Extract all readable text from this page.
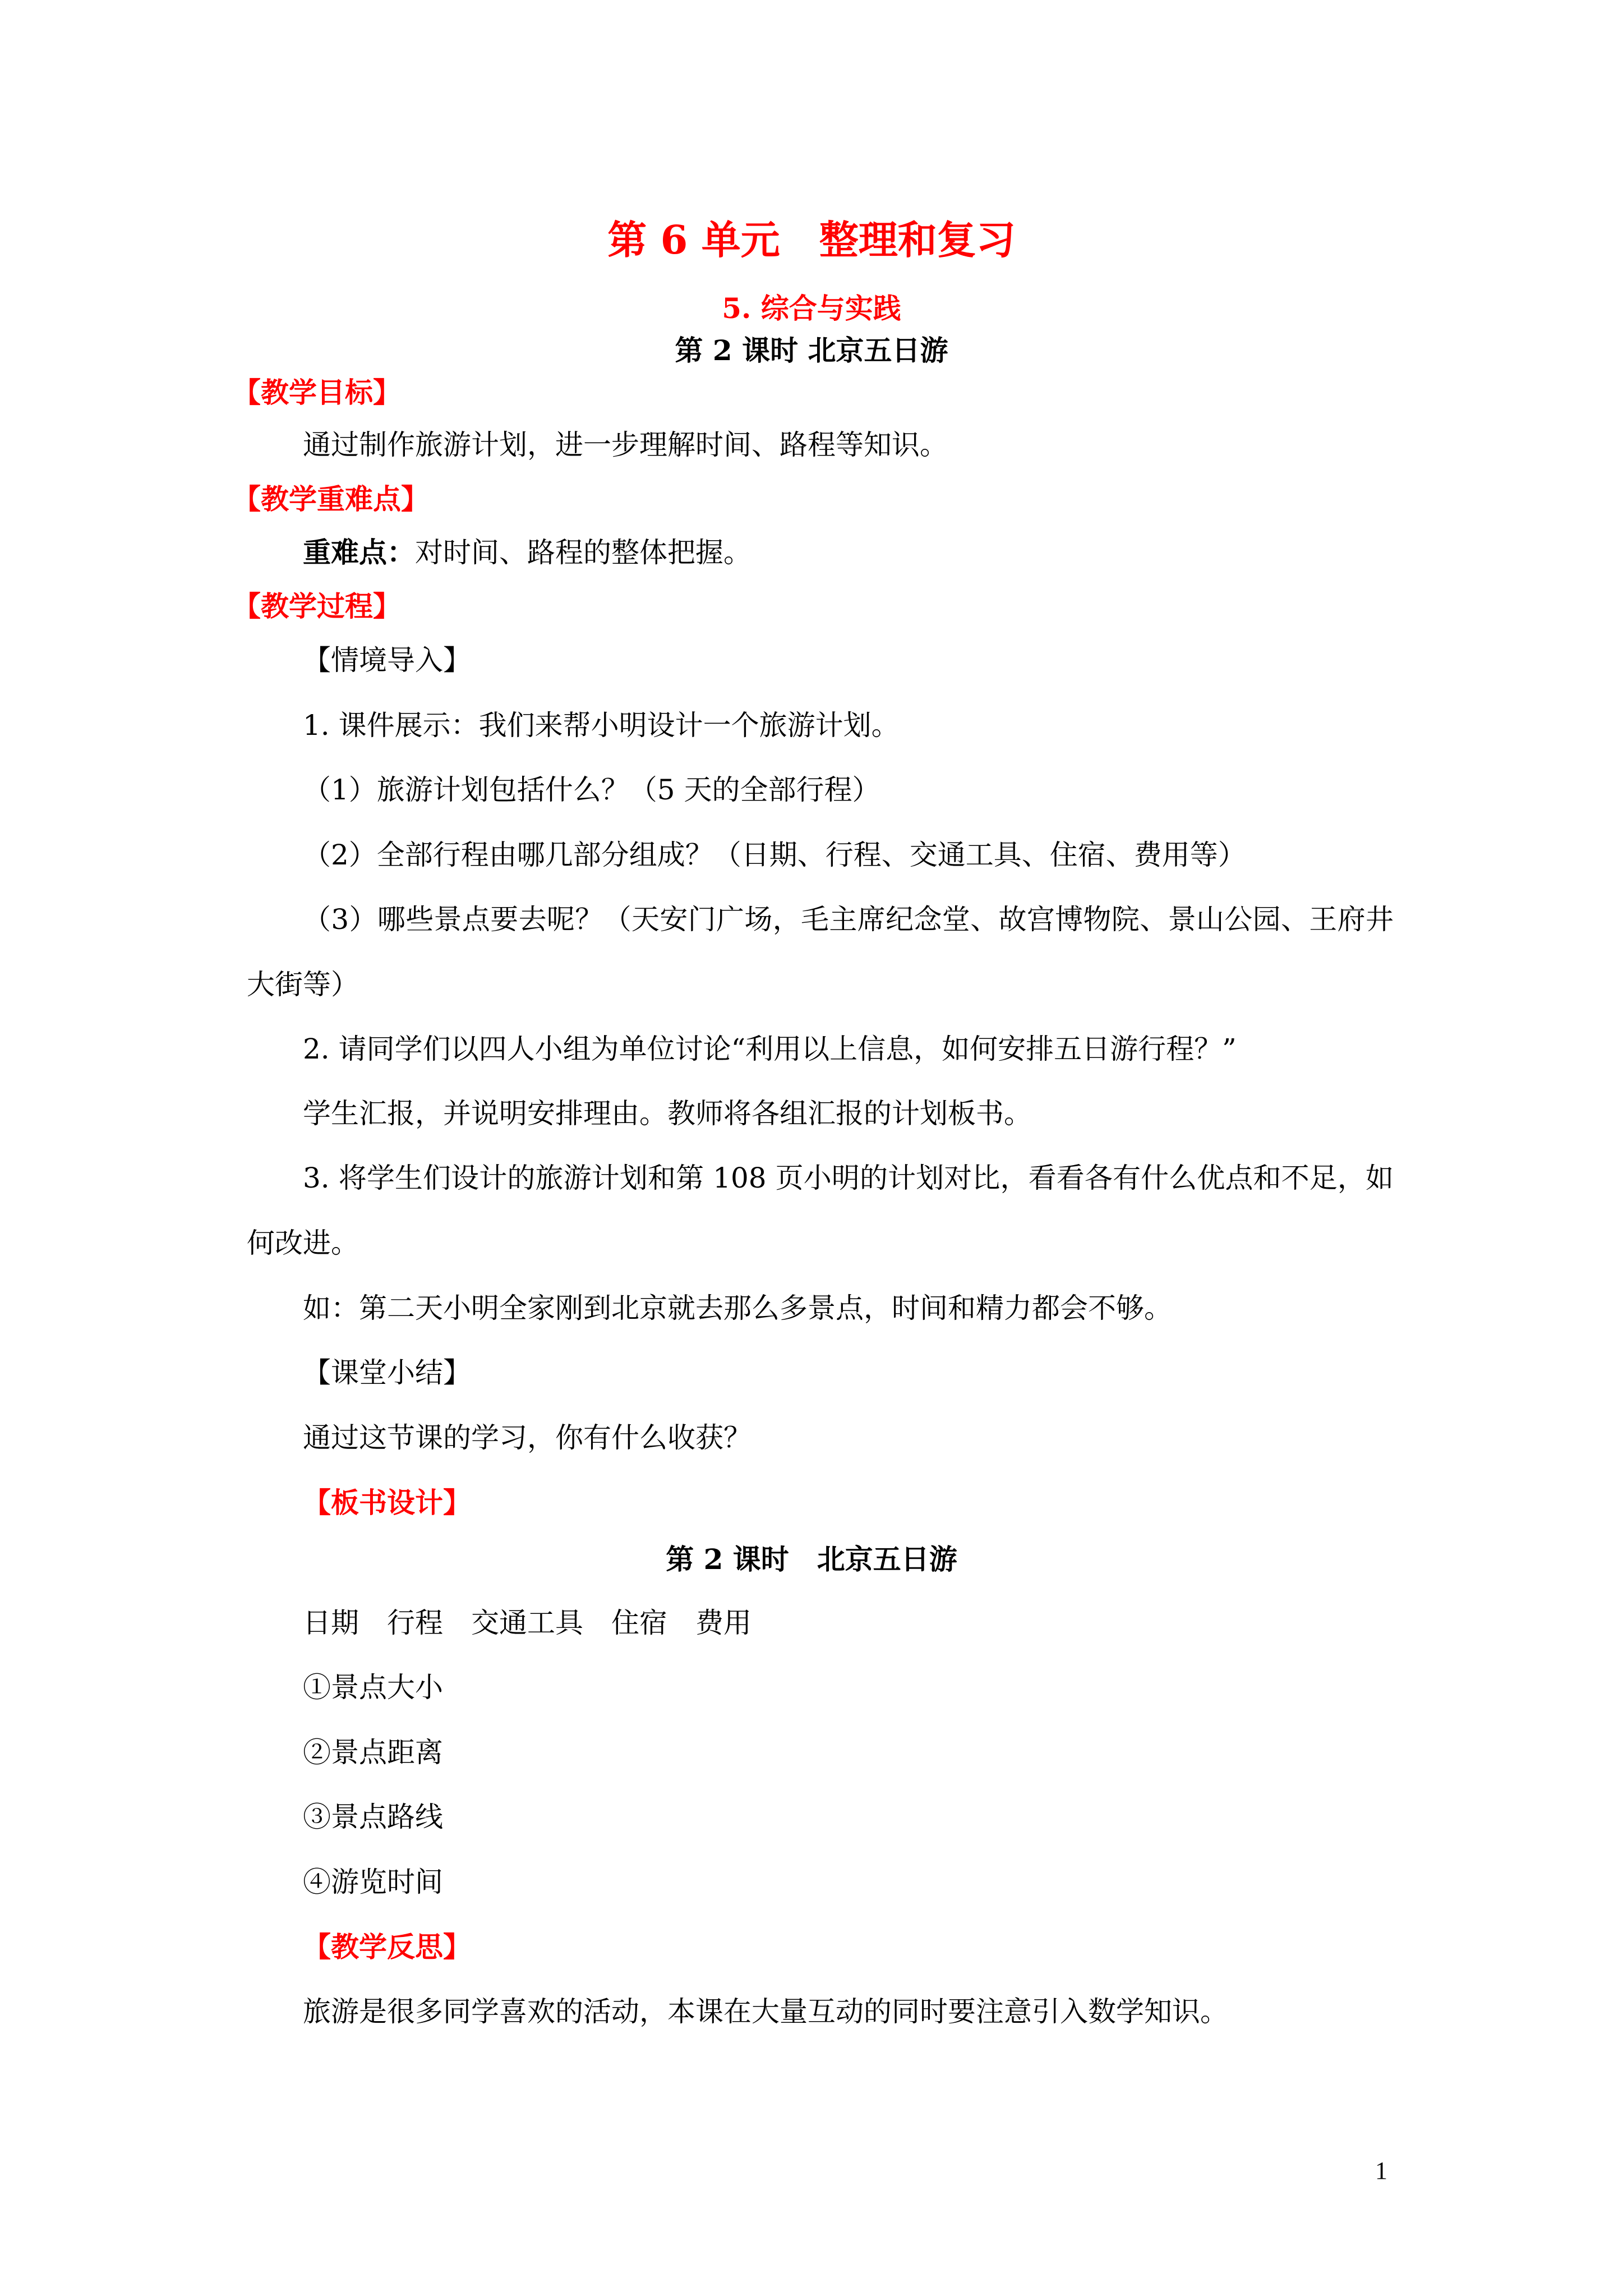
第 6 单元　整理和复习
5. 综合与实践
第 2 课时 北京五日游
【教学目标】
通过制作旅游计划，进一步理解时间、路程等知识。
【教学重难点】
重难点：对时间、路程的整体把握。
【教学过程】
【情境导入】
1. 课件展示：我们来帮小明设计一个旅游计划。
（1）旅游计划包括什么？（5 天的全部行程）
（2）全部行程由哪几部分组成？（日期、行程、交通工具、住宿、费用等）
（3）哪些景点要去呢？（天安门广场，毛主席纪念堂、故宫博物院、景山公园、王府井大街等）
2. 请同学们以四人小组为单位讨论“利用以上信息，如何安排五日游行程？”
学生汇报，并说明安排理由。教师将各组汇报的计划板书。
3. 将学生们设计的旅游计划和第 108 页小明的计划对比，看看各有什么优点和不足，如何改进。
如：第二天小明全家刚到北京就去那么多景点，时间和精力都会不够。
【课堂小结】
通过这节课的学习，你有什么收获？
【板书设计】
第 2 课时　北京五日游
日期　行程　交通工具　住宿　费用
①景点大小
②景点距离
③景点路线
④游览时间
【教学反思】
旅游是很多同学喜欢的活动，本课在大量互动的同时要注意引入数学知识。
1
